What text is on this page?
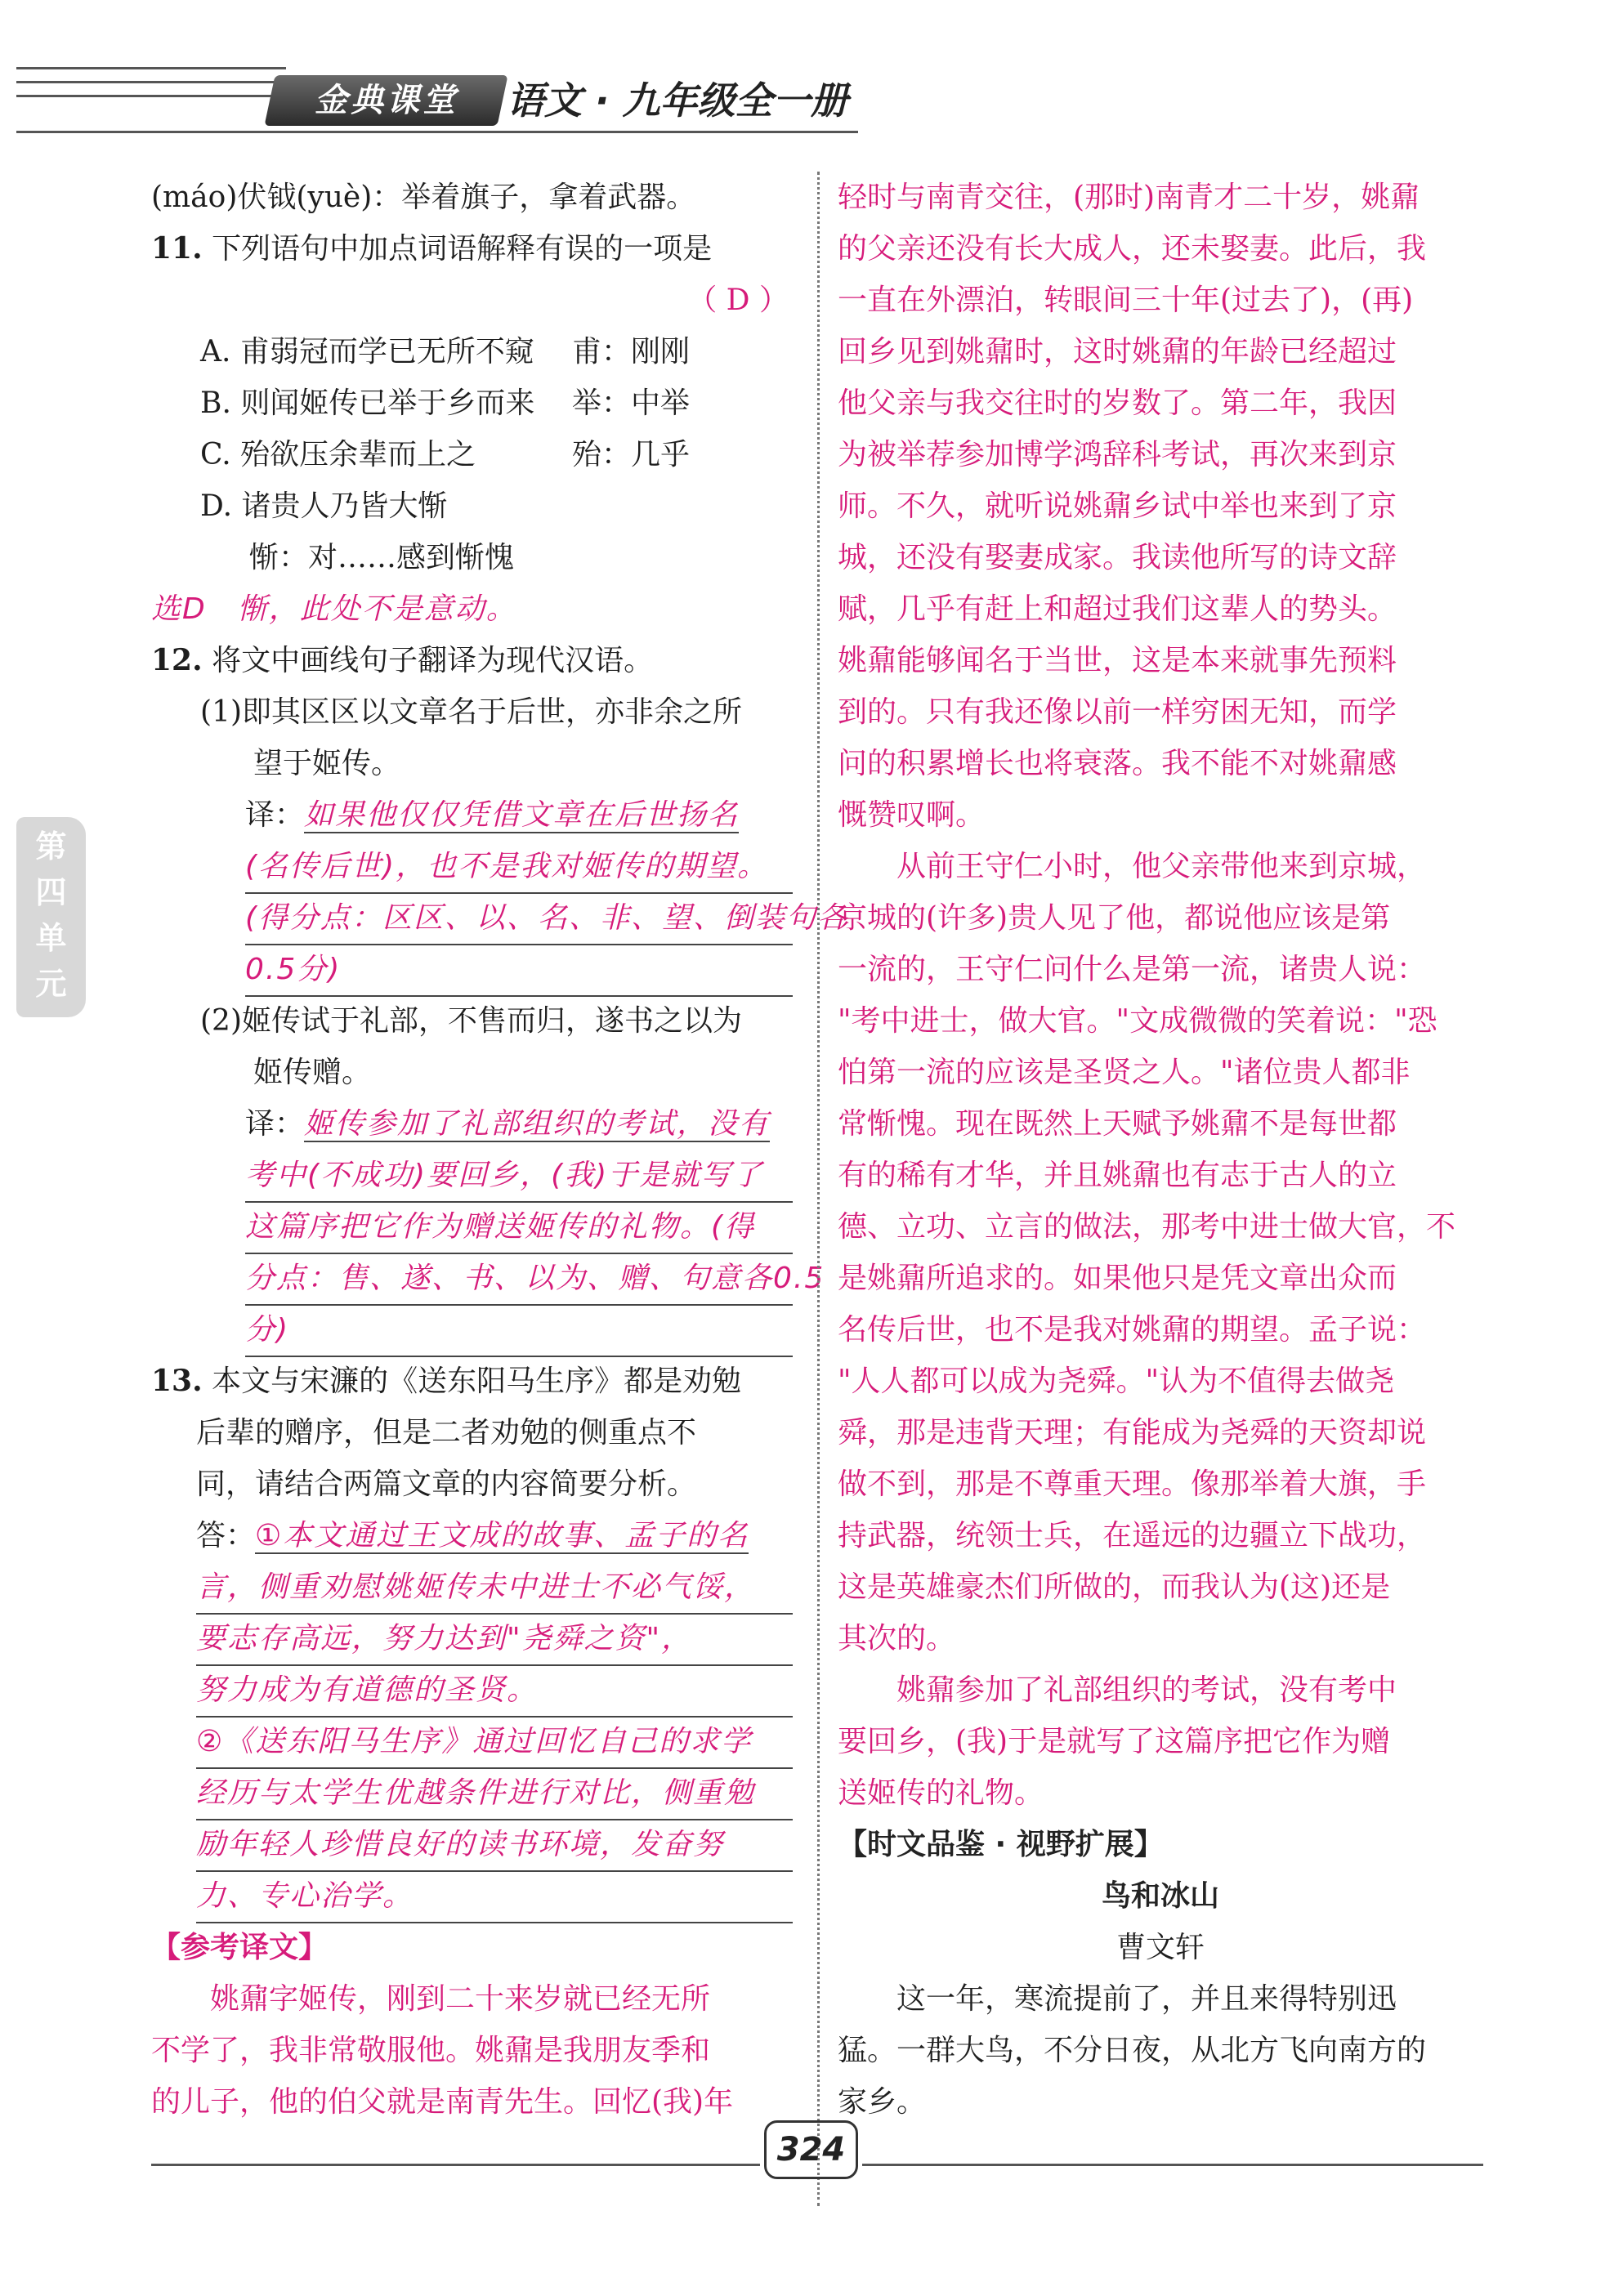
金典课堂	语文 · 九年级全一册
第四单元
(máo)伏钺(yuè)：举着旗子，拿着武器。
11. 下列语句中加点词语解释有误的一项是
（ D ）
A. 甫弱冠而学已无所不窥	甫：刚刚
B. 则闻姬传已举于乡而来	举：中举
C. 殆欲压余辈而上之	殆：几乎
D. 诸贵人乃皆大惭
惭：对……感到惭愧
选D　惭，此处不是意动。
12. 将文中画线句子翻译为现代汉语。
(1)即其区区以文章名于后世，亦非余之所
望于姬传。
译：如果他仅仅凭借文章在后世扬名
(名传后世)，也不是我对姬传的期望。
(得分点：区区、以、名、非、望、倒装句各
0.5分)
(2)姬传试于礼部，不售而归，遂书之以为
姬传赠。
译：姬传参加了礼部组织的考试，没有
考中(不成功)要回乡，(我)于是就写了
这篇序把它作为赠送姬传的礼物。(得
分点：售、遂、书、以为、赠、句意各0.5
分)
13. 本文与宋濂的《送东阳马生序》都是劝勉
后辈的赠序，但是二者劝勉的侧重点不
同，请结合两篇文章的内容简要分析。
答：①本文通过王文成的故事、孟子的名
言，侧重劝慰姚姬传未中进士不必气馁，
要志存高远，努力达到"尧舜之资"，
努力成为有道德的圣贤。
②《送东阳马生序》通过回忆自己的求学
经历与太学生优越条件进行对比，侧重勉
励年轻人珍惜良好的读书环境，发奋努
力、专心治学。
【参考译文】
姚鼐字姬传，刚到二十来岁就已经无所
不学了，我非常敬服他。姚鼐是我朋友季和
的儿子，他的伯父就是南青先生。回忆(我)年
轻时与南青交往，(那时)南青才二十岁，姚鼐
的父亲还没有长大成人，还未娶妻。此后，我
一直在外漂泊，转眼间三十年(过去了)，(再)
回乡见到姚鼐时，这时姚鼐的年龄已经超过
他父亲与我交往时的岁数了。第二年，我因
为被举荐参加博学鸿辞科考试，再次来到京
师。不久，就听说姚鼐乡试中举也来到了京
城，还没有娶妻成家。我读他所写的诗文辞
赋，几乎有赶上和超过我们这辈人的势头。
姚鼐能够闻名于当世，这是本来就事先预料
到的。只有我还像以前一样穷困无知，而学
问的积累增长也将衰落。我不能不对姚鼐感
慨赞叹啊。
从前王守仁小时，他父亲带他来到京城，
京城的(许多)贵人见了他，都说他应该是第
一流的，王守仁问什么是第一流，诸贵人说：
"考中进士，做大官。"文成微微的笑着说："恐
怕第一流的应该是圣贤之人。"诸位贵人都非
常惭愧。现在既然上天赋予姚鼐不是每世都
有的稀有才华，并且姚鼐也有志于古人的立
德、立功、立言的做法，那考中进士做大官，不
是姚鼐所追求的。如果他只是凭文章出众而
名传后世，也不是我对姚鼐的期望。孟子说：
"人人都可以成为尧舜。"认为不值得去做尧
舜，那是违背天理；有能成为尧舜的天资却说
做不到，那是不尊重天理。像那举着大旗，手
持武器，统领士兵，在遥远的边疆立下战功，
这是英雄豪杰们所做的，而我认为(这)还是
其次的。
姚鼐参加了礼部组织的考试，没有考中
要回乡，(我)于是就写了这篇序把它作为赠
送姬传的礼物。
【时文品鉴 · 视野扩展】
鸟和冰山
曹文轩
这一年，寒流提前了，并且来得特别迅
猛。一群大鸟，不分日夜，从北方飞向南方的
家乡。
324
